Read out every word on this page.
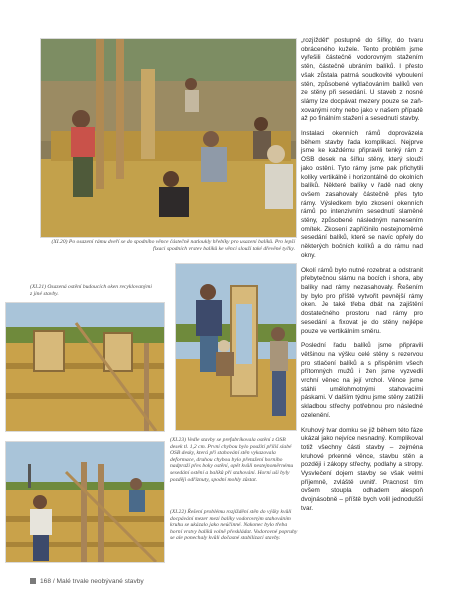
(XI.20) Po osazení rámu dveří se do spodního věnce částečně natloukly hřebíky pro usazení balíků. Pro lepší fixaci spodních vrstev balíků ke věnci slouží také dřevěné tyčky.
(XI.21) Osazená ostění budoucích oken recyklovanými z jiné stavby.
(XI.23) Vedle stavby se prefabrikovala ostění z OSB desek tl. 1,2 cm. První chybou bylo použití příliš slabé OSB desky, která při stahování stěn vykazovala deformace, druhou chybou bylo přetažení horního nadpraží přes boky ostění, opět kvůli nestejnoměrnému sesedání ostění a balíků při stahování. Horní uši byly později odříznuty, spodní mohly zůstat.
(XI.22) Řešení problému rozjíždění stěn do výšky kvůli docpávání mezer mezi balíky vodorovným stahováním kruhu se ukázalo jako neúčinné. Nakonec bylo třeba horní vrstvy balíků volně přeskládat. Vodorovné popruhy se ale ponechaly kvůli dočasné stabilizaci stavby.

„rozjíždět“ postupně do šířky, do tvaru obráceného kužele. Tento problém jsme vyřešili částečně vodorovným stažením stěn, částečně ubráním balíků. I přesto však zůstala patrná soudkovité vyboulení stěn, způsobené vytlačováním balíků ven ze stěny při sesedání. U staveb z nosné slámy lze docpávat mezery pouze se zaň-xovanými rohy nebo jako v našem případě až po finálním stažení a sesednutí stavby.

Instalaci okenních rámů doprovázela během stavby řada komplikací. Nejprve jsme ke každému připravili tenký rám z OSB desek na šířku stěny, který slouží jako ostění. Tyto rámy jsme pak přichytili kolíky vertikálně i horizontálně do okolních balíků. Některé balíky v řadě nad okny ovšem zasahovaly částečně přes tyto rámy. Výsledkem bylo zkosení okenních rámů po intenzivním sesednutí slaměné stěny, způsobené následným nanesením omítek. Zkosení zapříčinilo nestejnoměrné sesedání balíků, které se navíc opřely do některých bočních kolíků a do rámu nad okny.

Okolí rámů bylo nutné rozebrat a odstranit přebytečnou slámu na bocích i shora, aby balíky nad rámy nezasahovaly. Řešením by bylo pro příště vytvořit pevnější rámy oken. Je také třeba dbát na zajištění dostatečného prostoru nad rámy pro sesedání a fixovat je do stěny nejlépe pouze ve vertikálním směru.

Poslední řadu balíků jsme připravili většinou na výšku celé stěny s rezervou pro stlačení balíků a s přispěním všech přítomných mužů i žen jsme vyzvedli vrchní věnec na její vrchol. Věnce jsme stáhli umělohmotnými stahovacími páskami. V dalším týdnu jsme stěny zatížili skladbou střechy potřebnou pro následné ozelenění.

Kruhový tvar domku se již během této fáze ukázal jako nejvíce nesnadný. Komplikoval totiž všechny části stavby – zejména kruhové prkenné věnce, stavbu stěn a později i zákopy střechy, podlahy a stropy. Vysvlečení dojem stavby se však velmi příjemně, zvláště uvnitř. Pracnost tím ovšem stoupla odhadem alespoň dvojnásobně – příště bych volil jednodušší tvar.

168 / Malé trvale neobývané stavby
